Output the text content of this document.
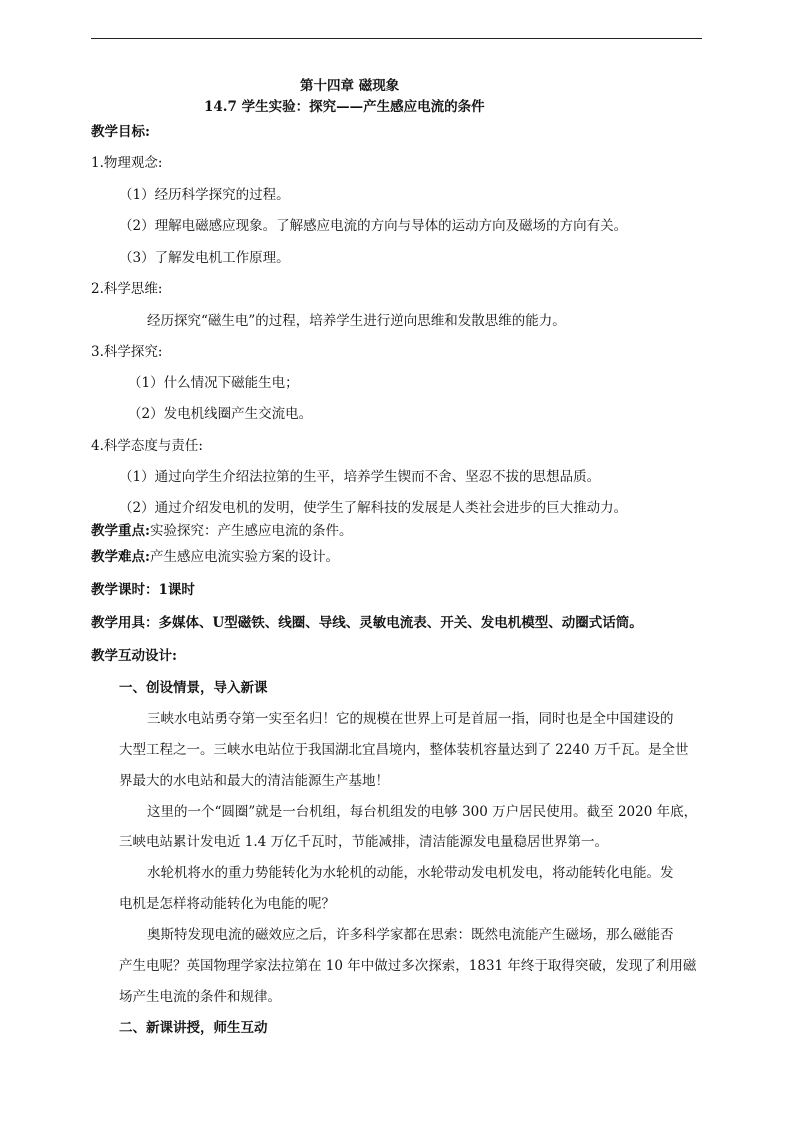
第十四章 磁现象
14.7 学生实验：探究——产生感应电流的条件
教学目标:
1.物理观念:
（1）经历科学探究的过程。
（2）理解电磁感应现象。了解感应电流的方向与导体的运动方向及磁场的方向有关。
（3）了解发电机工作原理。
2.科学思维:
经历探究“磁生电”的过程，培养学生进行逆向思维和发散思维的能力。
3.科学探究:
（1）什么情况下磁能生电；
（2）发电机线圈产生交流电。
4.科学态度与责任:
（1）通过向学生介绍法拉第的生平，培养学生锲而不舍、坚忍不拔的思想品质。
（2）通过介绍发电机的发明，使学生了解科技的发展是人类社会进步的巨大推动力。
教学重点:实验探究：产生感应电流的条件。
教学难点:产生感应电流实验方案的设计。
教学课时：1课时
教学用具：多媒体、U型磁铁、线圈、导线、灵敏电流表、开关、发电机模型、动圈式话筒。
教学互动设计:
一、创设情景，导入新课
三峡水电站勇夺第一实至名归！它的规模在世界上可是首屈一指，同时也是全中国建设的
大型工程之一。三峡水电站位于我国湖北宜昌境内，整体装机容量达到了 2240 万千瓦。是全世
界最大的水电站和最大的清洁能源生产基地！
这里的一个“圆圈”就是一台机组，每台机组发的电够 300 万户居民使用。截至 2020 年底，
三峡电站累计发电近 1.4 万亿千瓦时，节能减排，清洁能源发电量稳居世界第一。
水轮机将水的重力势能转化为水轮机的动能，水轮带动发电机发电，将动能转化电能。发
电机是怎样将动能转化为电能的呢？
奥斯特发现电流的磁效应之后，许多科学家都在思索：既然电流能产生磁场，那么磁能否
产生电呢？英国物理学家法拉第在 10 年中做过多次探索，1831 年终于取得突破，发现了利用磁
场产生电流的条件和规律。
二、新课讲授，师生互动
